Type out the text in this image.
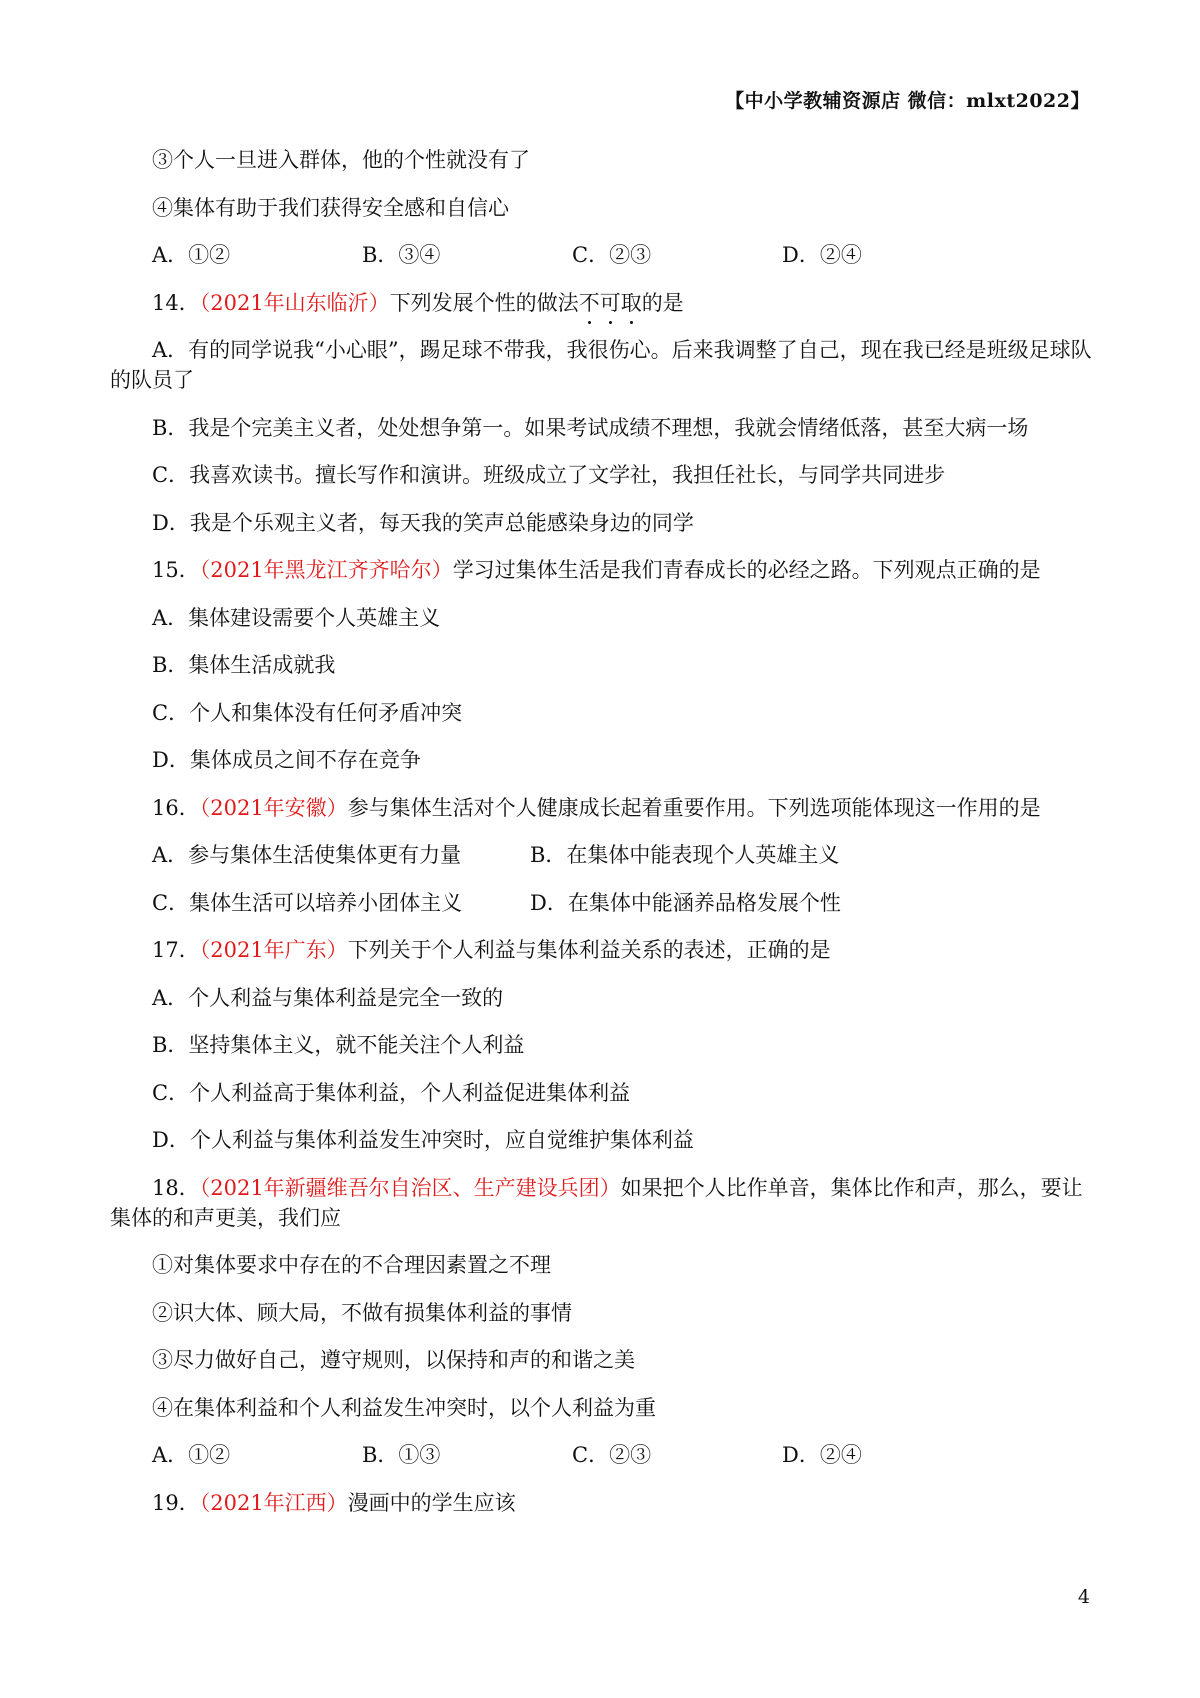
【中小学教辅资源店 微信：mlxt2022】
③个人一旦进入群体，他的个性就没有了
④集体有助于我们获得安全感和自信心
A．①②	B．③④	C．②③	D．②④
14．（2021年山东临沂）下列发展个性的做法不可取的是
A．有的同学说我“小心眼”，踢足球不带我，我很伤心。后来我调整了自己，现在我已经是班级足球队的队员了
B．我是个完美主义者，处处想争第一。如果考试成绩不理想，我就会情绪低落，甚至大病一场
C．我喜欢读书。擅长写作和演讲。班级成立了文学社，我担任社长，与同学共同进步
D．我是个乐观主义者，每天我的笑声总能感染身边的同学
15．（2021年黑龙江齐齐哈尔）学习过集体生活是我们青春成长的必经之路。下列观点正确的是
A．集体建设需要个人英雄主义
B．集体生活成就我
C．个人和集体没有任何矛盾冲突
D．集体成员之间不存在竞争
16．（2021年安徽）参与集体生活对个人健康成长起着重要作用。下列选项能体现这一作用的是
A．参与集体生活使集体更有力量	B．在集体中能表现个人英雄主义
C．集体生活可以培养小团体主义	D．在集体中能涵养品格发展个性
17．（2021年广东）下列关于个人利益与集体利益关系的表述，正确的是
A．个人利益与集体利益是完全一致的
B．坚持集体主义，就不能关注个人利益
C．个人利益高于集体利益，个人利益促进集体利益
D．个人利益与集体利益发生冲突时，应自觉维护集体利益
18．（2021年新疆维吾尔自治区、生产建设兵团）如果把个人比作单音，集体比作和声，那么，要让集体的和声更美，我们应
①对集体要求中存在的不合理因素置之不理
②识大体、顾大局，不做有损集体利益的事情
③尽力做好自己，遵守规则，以保持和声的和谐之美
④在集体利益和个人利益发生冲突时，以个人利益为重
A．①②	B．①③	C．②③	D．②④
19．（2021年江西）漫画中的学生应该
4
